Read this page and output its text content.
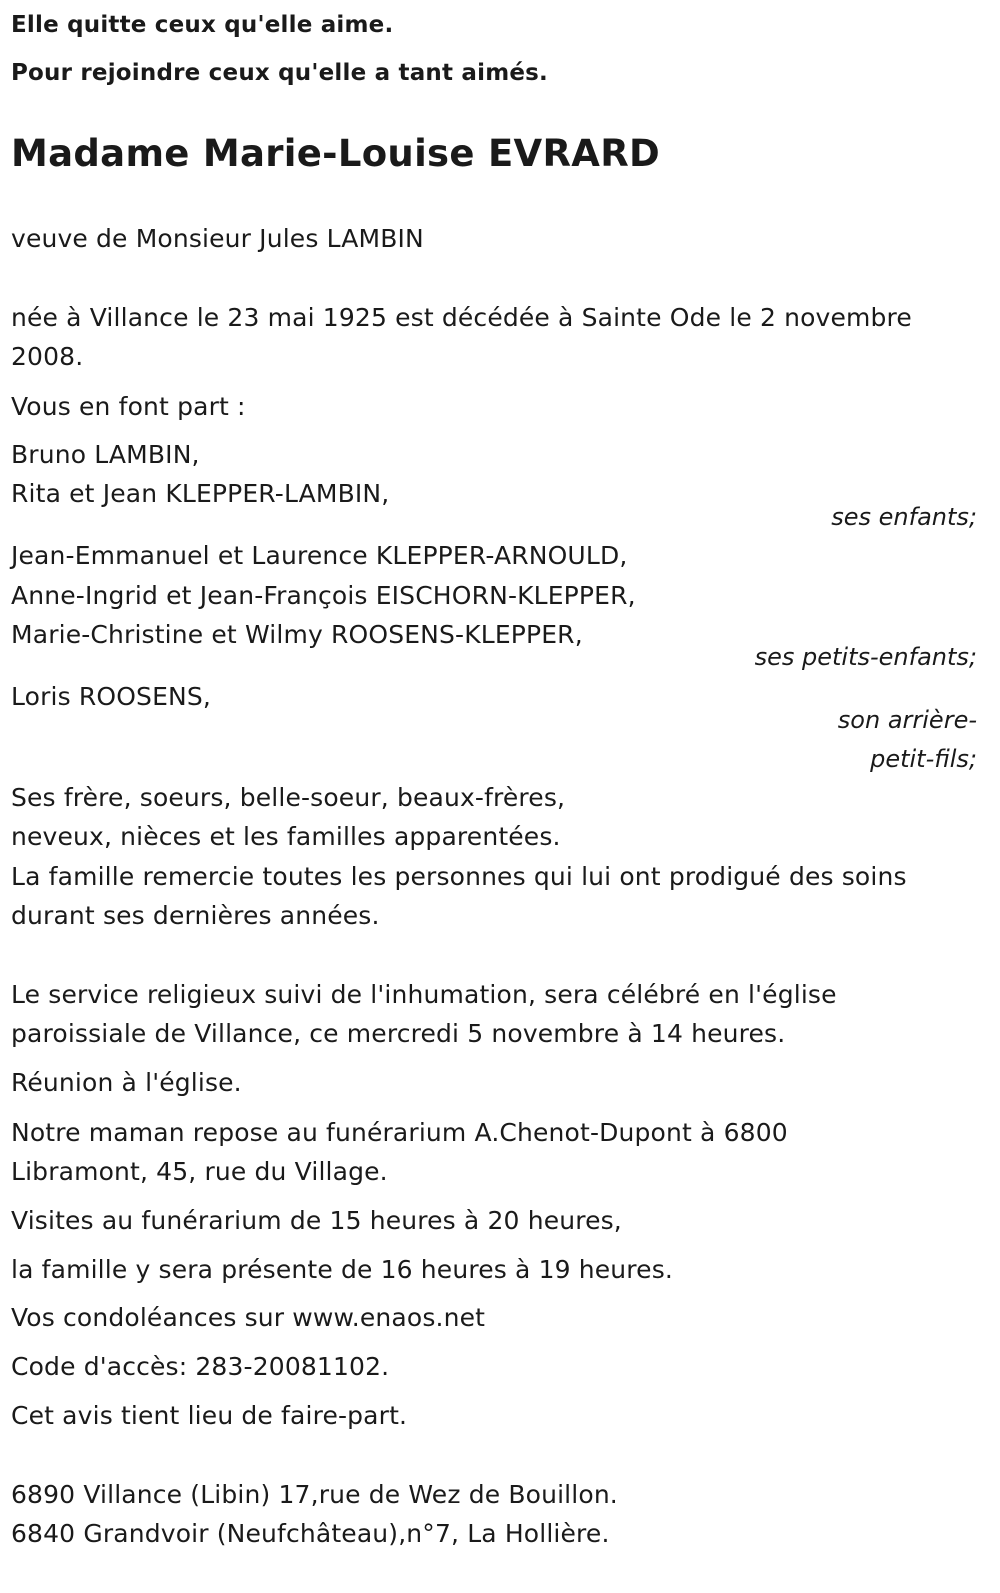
Elle quitte ceux qu'elle aime.

Pour rejoindre ceux qu'elle a tant aimés.

Madame Marie-Louise EVRARD

veuve de Monsieur Jules LAMBIN

née à Villance le 23 mai 1925 est décédée à Sainte Ode le 2 novembre

2008.

Vous en font part :

Bruno LAMBIN,

Rita et Jean KLEPPER-LAMBIN,

ses enfants;

Jean-Emmanuel et Laurence KLEPPER-ARNOULD,

Anne-Ingrid et Jean-François EISCHORN-KLEPPER,

Marie-Christine et Wilmy ROOSENS-KLEPPER,

ses petits-enfants;

Loris ROOSENS,

son arrière-

petit-fils;

Ses frère, soeurs, belle-soeur, beaux-frères,

neveux, nièces et les familles apparentées.

La famille remercie toutes les personnes qui lui ont prodigué des soins

durant ses dernières années.

Le service religieux suivi de l'inhumation, sera célébré en l'église

paroissiale de Villance, ce mercredi 5 novembre à 14 heures.

Réunion à l'église.

Notre maman repose au funérarium A.Chenot-Dupont à 6800

Libramont, 45, rue du Village.

Visites au funérarium de 15 heures à 20 heures,

la famille y sera présente de 16 heures à 19 heures.

Vos condoléances sur www.enaos.net

Code d'accès: 283-20081102.

Cet avis tient lieu de faire-part.

6890 Villance (Libin) 17,rue de Wez de Bouillon.

6840 Grandvoir (Neufchâteau),n°7, La Hollière.
